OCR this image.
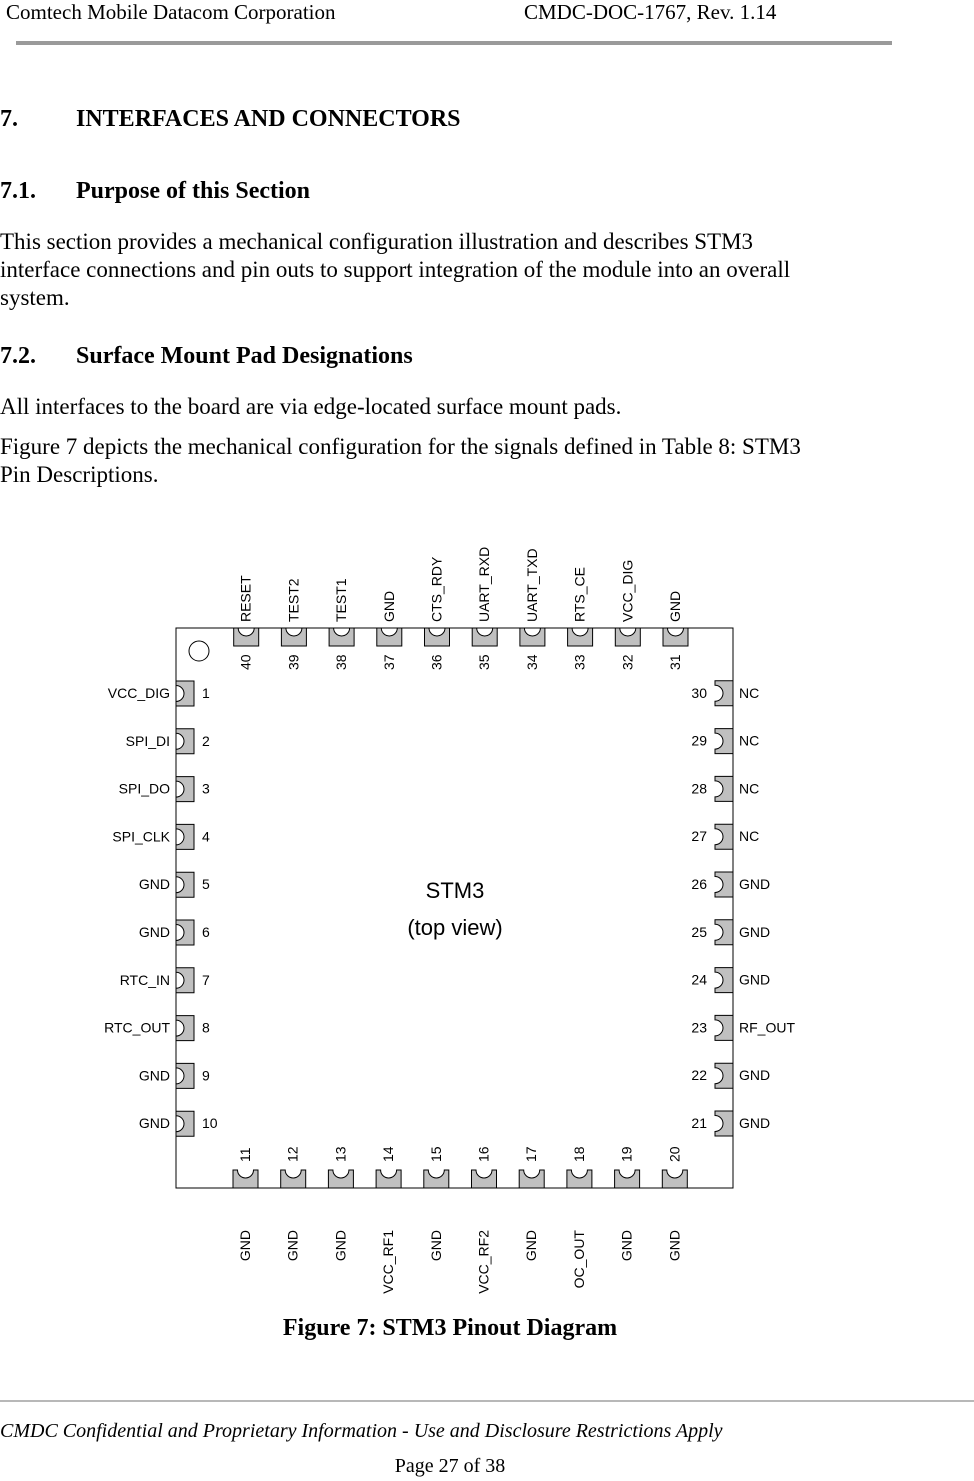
Comtech Mobile Datacom Corporation	CMDC-DOC-1767, Rev. 1.14
7. INTERFACES AND CONNECTORS
7.1. Purpose of this Section
This section provides a mechanical configuration illustration and describes STM3
interface connections and pin outs to support integration of the module into an overall
system.
7.2. Surface Mount Pad Designations
All interfaces to the board are via edge-located surface mount pads.
Figure 7 depicts the mechanical configuration for the signals defined in Table 8: STM3
Pin Descriptions.
STM3
(top view)
1
VCC_DIG
2
SPI_DI
3
SPI_DO
4
SPI_CLK
5
GND
6
GND
7
RTC_IN
8
RTC_OUT
9
GND
10
GND
11
GND
12
GND
13
GND
14
VCC_RF1
15
GND
16
VCC_RF2
17
GND
18
OC_OUT
19
GND
20
GND
21 GND
22 GND
23 RF_OUT
24 GND
25 GND
26 GND
27 NC
28 NC
29 NC
30 NC
31
GND
32
VCC_DIG
33
RTS_CE
34
UART_TXD
35
UART_RXD
36
CTS_RDY
37
GND
38
TEST1
39
TEST2
40
RESET
Figure 7: STM3 Pinout Diagram
CMDC Confidential and Proprietary Information - Use and Disclosure Restrictions Apply
Page 27 of 38
